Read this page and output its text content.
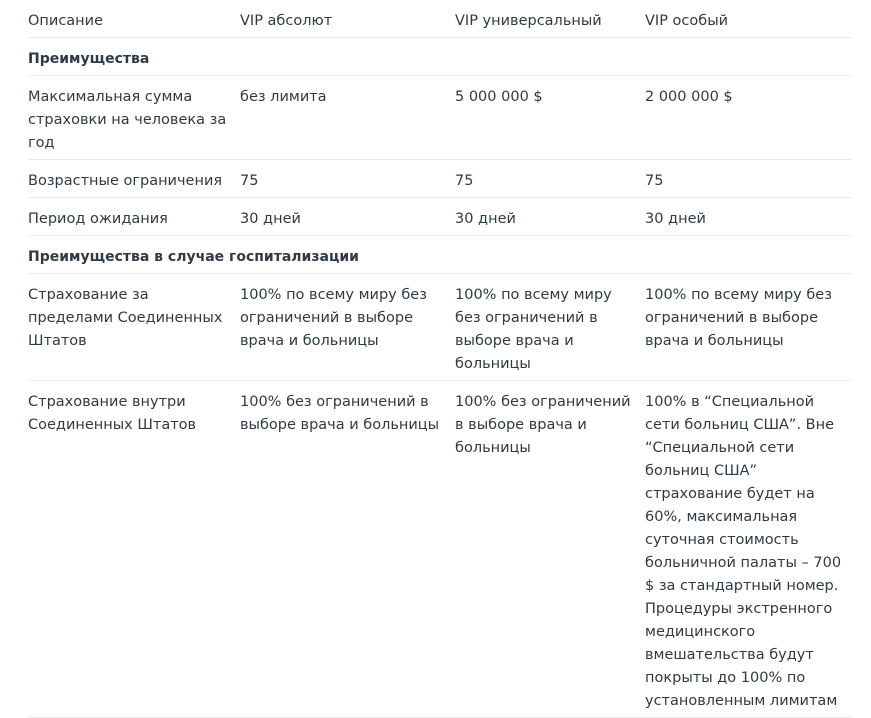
Описание	VIP абсолют	VIP универсальный	VIP особый
Преимущества			
Максимальная сумма страховки на человека за год	без лимита	5 000 000 $	2 000 000 $
Возрастные ограничения	75	75	75
Период ожидания	30 дней	30 дней	30 дней
Преимущества в случае госпитализации			
Страхование за пределами Соединенных Штатов	100% по всему миру без ограничений в выборе врача и больницы	100% по всему миру без ограничений в выборе врача и больницы	100% по всему миру без ограничений в выборе врача и больницы
Страхование внутри Соединенных Штатов	100% без ограничений в выборе врача и больницы	100% без ограничений в выборе врача и больницы	100% в “Специальной сети больниц США”. Вне “Специальной сети больниц США” страхование будет на 60%, максимальная суточная стоимость больничной палаты – 700 $ за стандартный номер. Процедуры экстренного медицинского вмешательства будут покрыты до 100% по установленным лимитам
